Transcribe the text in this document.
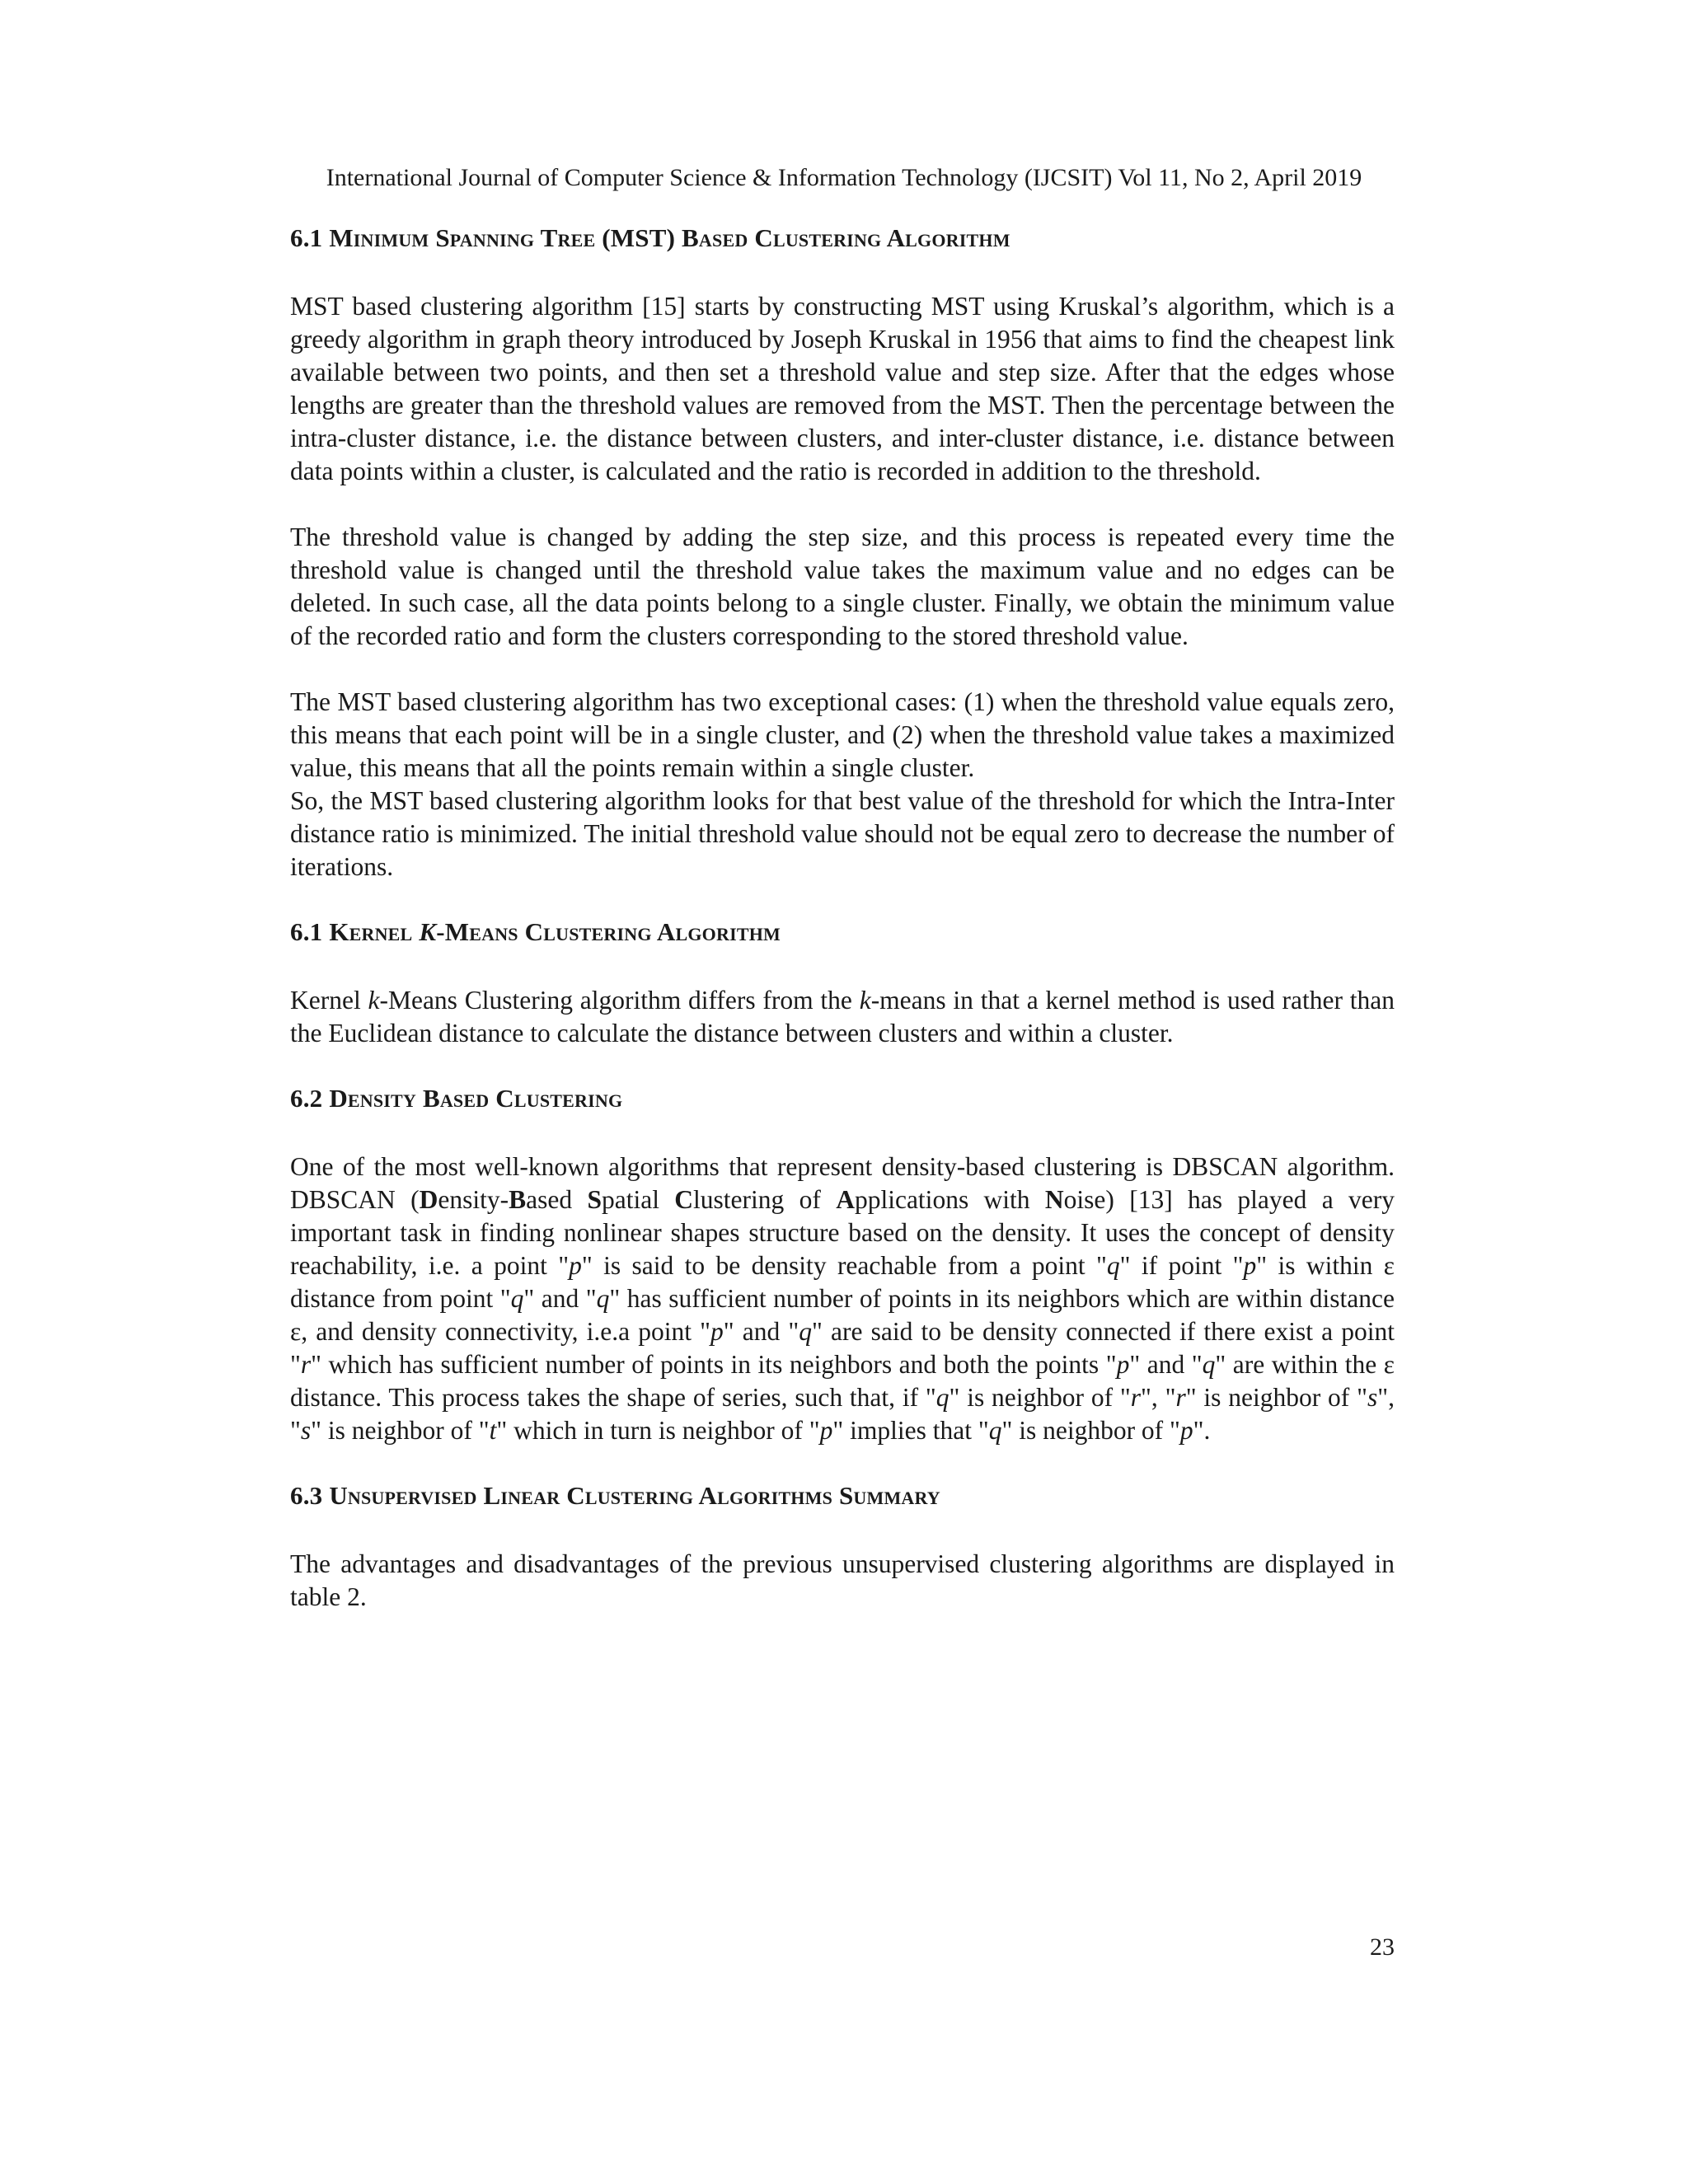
International Journal of Computer Science & Information Technology (IJCSIT) Vol 11, No 2, April 2019
6.1 Minimum Spanning Tree (MST) Based Clustering Algorithm

MST based clustering algorithm [15] starts by constructing MST using Kruskal’s algorithm, which is a greedy algorithm in graph theory introduced by Joseph Kruskal in 1956 that aims to find the cheapest link available between two points, and then set a threshold value and step size. After that the edges whose lengths are greater than the threshold values are removed from the MST. Then the percentage between the intra-cluster distance, i.e. the distance between clusters, and inter-cluster distance, i.e. distance between data points within a cluster, is calculated and the ratio is recorded in addition to the threshold.

The threshold value is changed by adding the step size, and this process is repeated every time the threshold value is changed until the threshold value takes the maximum value and no edges can be deleted. In such case, all the data points belong to a single cluster. Finally, we obtain the minimum value of the recorded ratio and form the clusters corresponding to the stored threshold value.

The MST based clustering algorithm has two exceptional cases: (1) when the threshold value equals zero, this means that each point will be in a single cluster, and (2) when the threshold value takes a maximized value, this means that all the points remain within a single cluster.

So, the MST based clustering algorithm looks for that best value of the threshold for which the Intra-Inter distance ratio is minimized. The initial threshold value should not be equal zero to decrease the number of iterations.

6.1 Kernel K-Means Clustering Algorithm

Kernel k-Means Clustering algorithm differs from the k-means in that a kernel method is used rather than the Euclidean distance to calculate the distance between clusters and within a cluster.

6.2 Density Based Clustering

One of the most well-known algorithms that represent density-based clustering is DBSCAN algorithm. DBSCAN (Density-Based Spatial Clustering of Applications with Noise) [13] has played a very important task in finding nonlinear shapes structure based on the density. It uses the concept of density reachability, i.e. a point "p" is said to be density reachable from a point "q" if point "p" is within ε distance from point "q" and "q" has sufficient number of points in its neighbors which are within distance ε, and density connectivity, i.e.a point "p" and "q" are said to be density connected if there exist a point "r" which has sufficient number of points in its neighbors and both the points "p" and "q" are within the ε distance. This process takes the shape of series, such that, if "q" is neighbor of "r", "r" is neighbor of "s", "s" is neighbor of "t" which in turn is neighbor of "p" implies that "q" is neighbor of "p".

6.3 Unsupervised Linear Clustering Algorithms Summary

The advantages and disadvantages of the previous unsupervised clustering algorithms are displayed in table 2.

23
